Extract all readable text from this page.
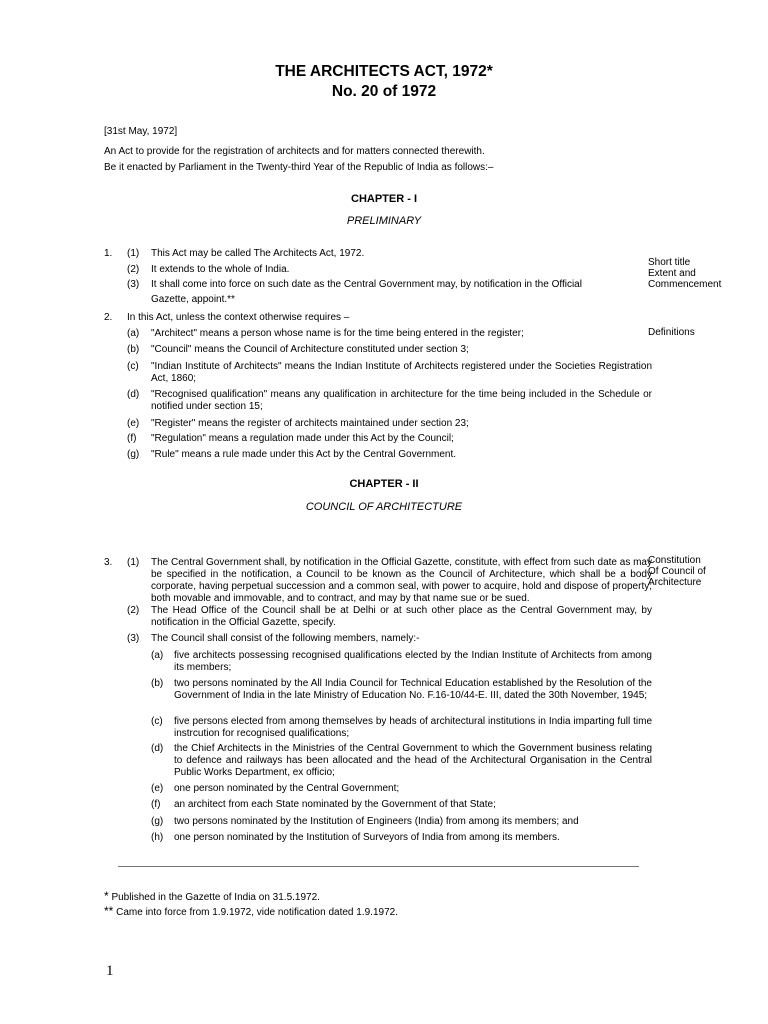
THE ARCHITECTS ACT, 1972*
No. 20 of 1972
[31st May, 1972]
An Act to provide for the registration of architects and for matters connected therewith.
Be it enacted by Parliament in the Twenty-third Year of the Republic of India as follows:–
CHAPTER - I
PRELIMINARY
1. (1) This Act may be called The Architects Act, 1972.
(2) It extends to the whole of India.
(3) It shall come into force on such date as the Central Government may, by notification in the Official
Gazette, appoint.**
Short title
Extent and
Commencement
2. In this Act, unless the context otherwise requires –
Definitions
(a) "Architect" means a person whose name is for the time being entered in the register;
(b) "Council" means the Council of Architecture constituted under section 3;
(c) "Indian Institute of Architects" means the Indian Institute of Architects registered under the Societies Registration Act, 1860;
(d) "Recognised qualification" means any qualification in architecture for the time being included in the Schedule or notified under section 15;
(e) "Register" means the register of architects maintained under section 23;
(f) "Regulation" means a regulation made under this Act by the Council;
(g) "Rule" means a rule made under this Act by the Central Government.
CHAPTER - II
COUNCIL OF ARCHITECTURE
3. (1) The Central Government shall, by notification in the Official Gazette, constitute, with effect from such date as may be specified in the notification, a Council to be known as the Council of Architecture, which shall be a body corporate, having perpetual succession and a common seal, with power to acquire, hold and dispose of property; both movable and immovable, and to contract, and may by that name sue or be sued.
Constitution
Of Council of
Architecture
(2) The Head Office of the Council shall be at Delhi or at such other place as the Central Government may, by notification in the Official Gazette, specify.
(3) The Council shall consist of the following members, namely:-
(a) five architects possessing recognised qualifications elected by the Indian Institute of Architects from among its members;
(b) two persons nominated by the All India Council for Technical Education established by the Resolution of the Government of India in the late Ministry of Education No. F.16-10/44-E. III, dated the 30th November, 1945;
(c) five persons elected from among themselves by heads of architectural institutions in India imparting full time instrcution for recognised qualifications;
(d) the Chief Architects in the Ministries of the Central Government to which the Government business relating to defence and railways has been allocated and the head of the Architectural Organisation in the Central Public Works Department, ex officio;
(e) one person nominated by the Central Government;
(f) an architect from each State nominated by the Government of that State;
(g) two persons nominated by the Institution of Engineers (India) from among its members; and
(h) one person nominated by the Institution of Surveyors of India from among its members.
* Published in the Gazette of India on 31.5.1972.
** Came into force from 1.9.1972, vide notification dated 1.9.1972.
1
